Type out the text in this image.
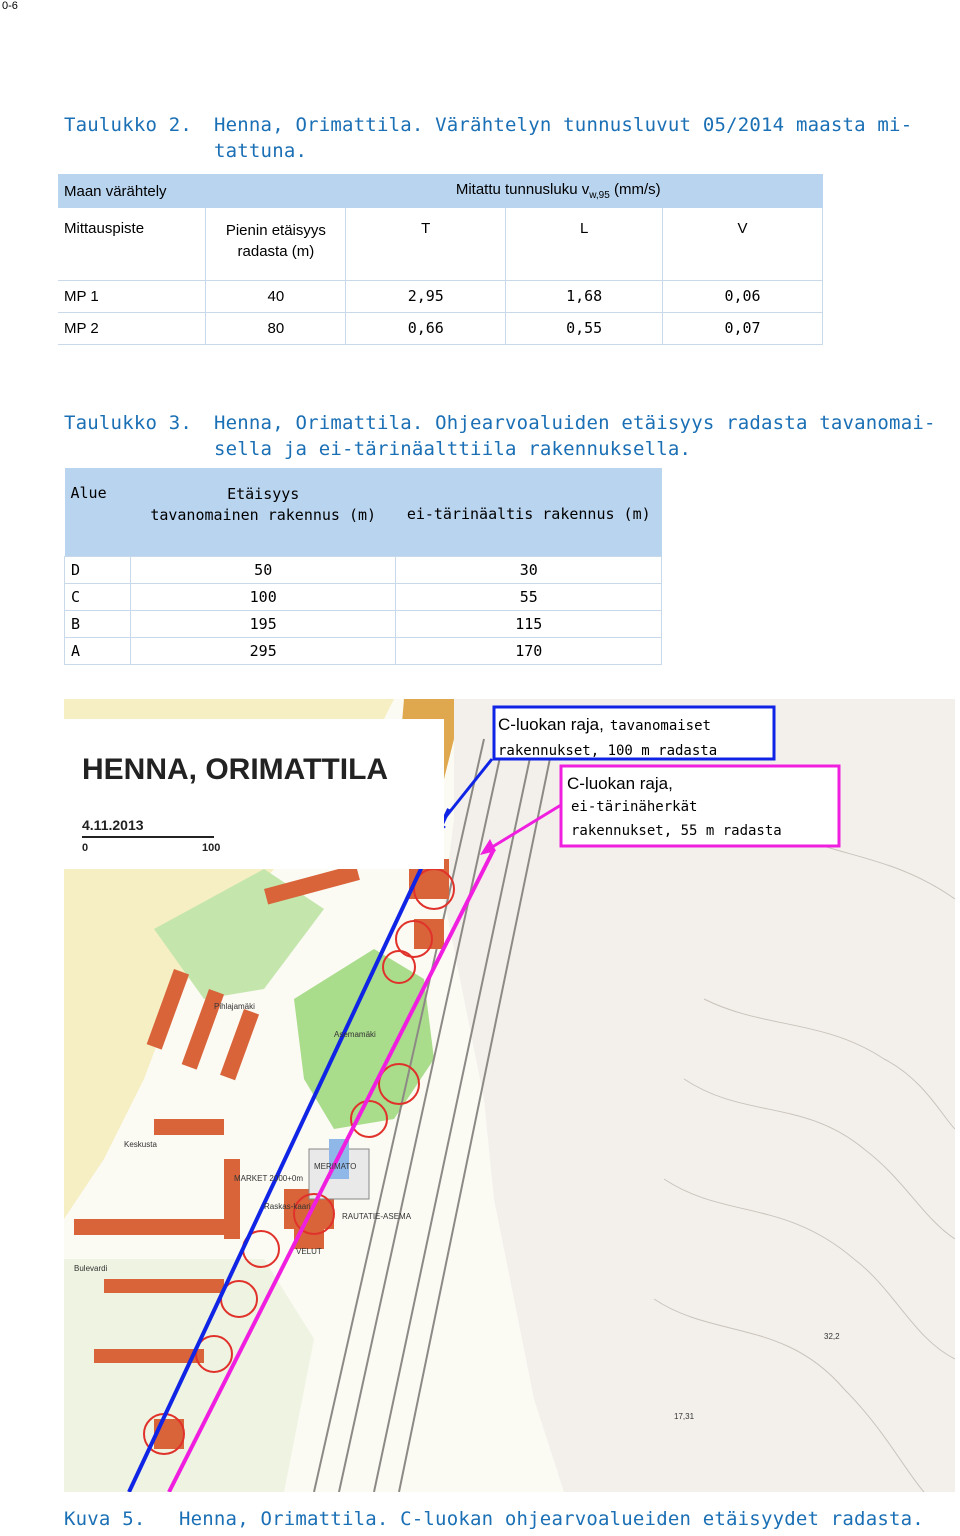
0-6
Taulukko 2. Henna, Orimattila. Värähtelyn tunnusluvut 05/2014 maasta mi-
tattuna.
Maan värähtely		Mitattu tunnusluku $v_{w,95}$ (mm/s)		
Mittauspiste	Pienin etäisyys radasta (m)	T	L	V
MP 1	40	2,95	1,68	0,06
MP 2	80	0,66	0,55	0,07
Taulukko 3. Henna, Orimattila. Ohjearvoaluiden etäisyys radasta tavanomai-
sella ja ei-tärinäalttiila rakennuksella.
Alue	Etäisyys
tavanomainen rakennus (m)	ei-tärinäaltis rakennus (m)

D	50	30
C	100	55
B	195	115
A	295	170
HENNA, ORIMATTILA
4.11.2013
0	100
Pihlajamäki
Asemamäki
Keskusta
MARKET 2000+0m
MERIMATO
Raskas-kaari
Bulevardi
VELUT
RAUTATIE-ASEMA
32,2
17,31
C-luokan raja, tavanomaiset
rakennukset, 100 m radasta
C-luokan raja,
ei-tärinäherkät
rakennukset, 55 m radasta
Kuva 5. Henna, Orimattila. C-luokan ohjearvoalueiden etäisyydet radasta.
